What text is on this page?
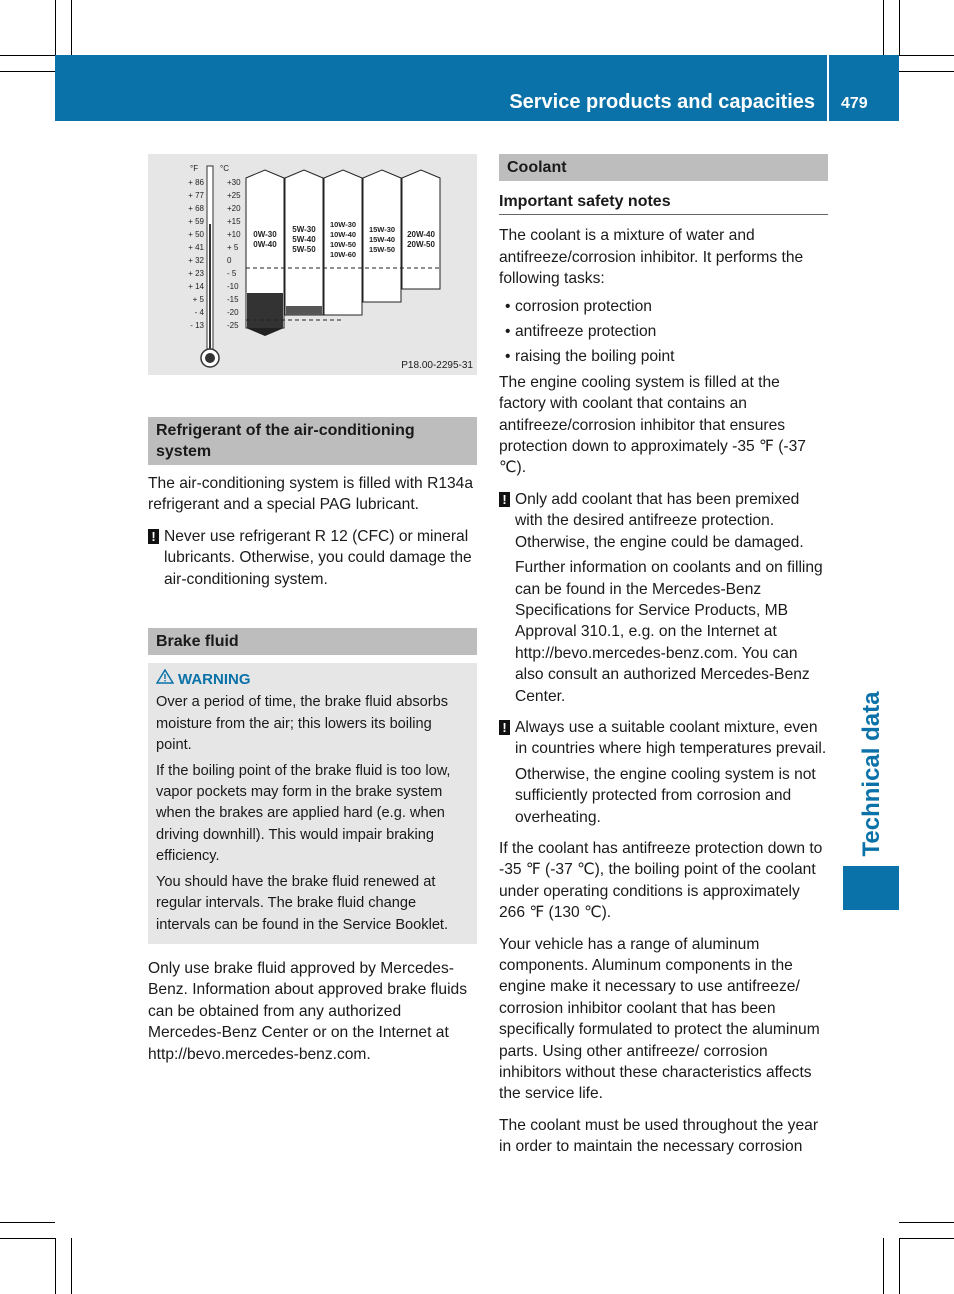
Service products and capacities 479
Technical data
°F	°C
+ 86
+ 77
+ 68
+ 59
+ 50
+ 41
+ 32
+ 23
+ 14
+ 5
- 4
- 13
+30
+25
+20
+15
+10
+ 5
0
- 5
-10
-15
-20
-25
0W-30
0W-40
5W-30
5W-40
5W-50
10W-30
10W-40
10W-50
10W-60
15W-30
15W-40
15W-50
20W-40
20W-50
P18.00-2295-31
Refrigerant of the air-conditioning system

The air-conditioning system is filled with R134a refrigerant and a special PAG lubricant.

! Never use refrigerant R 12 (CFC) or mineral lubricants. Otherwise, you could damage the air-conditioning system.
Brake fluid
WARNING

Over a period of time, the brake fluid absorbs moisture from the air; this lowers its boiling point.

If the boiling point of the brake fluid is too low, vapor pockets may form in the brake system when the brakes are applied hard (e.g. when driving downhill). This would impair braking efficiency.

You should have the brake fluid renewed at regular intervals. The brake fluid change intervals can be found in the Service Booklet.

Only use brake fluid approved by Mercedes-Benz. Information about approved brake fluids can be obtained from any authorized Mercedes-Benz Center or on the Internet at http://bevo.mercedes-benz.com.

Coolant
Important safety notes

The coolant is a mixture of water and antifreeze/corrosion inhibitor. It performs the following tasks:

• corrosion protection
• antifreeze protection
• raising the boiling point

The engine cooling system is filled at the factory with coolant that contains an antifreeze/corrosion inhibitor that ensures protection down to approximately -35 ℉ (-37 ℃).

! Only add coolant that has been premixed with the desired antifreeze protection. Otherwise, the engine could be damaged.
Further information on coolants and on filling can be found in the Mercedes-Benz Specifications for Service Products, MB Approval 310.1, e.g. on the Internet at http://bevo.mercedes-benz.com. You can also consult an authorized Mercedes-Benz Center.
! Always use a suitable coolant mixture, even in countries where high temperatures prevail.
Otherwise, the engine cooling system is not sufficiently protected from corrosion and overheating.

If the coolant has antifreeze protection down to -35 ℉ (-37 ℃), the boiling point of the coolant under operating conditions is approximately 266 ℉ (130 ℃).

Your vehicle has a range of aluminum components. Aluminum components in the engine make it necessary to use antifreeze/ corrosion inhibitor coolant that has been specifically formulated to protect the aluminum parts. Using other antifreeze/ corrosion inhibitors without these characteristics affects the service life.

The coolant must be used throughout the year in order to maintain the necessary corrosion
